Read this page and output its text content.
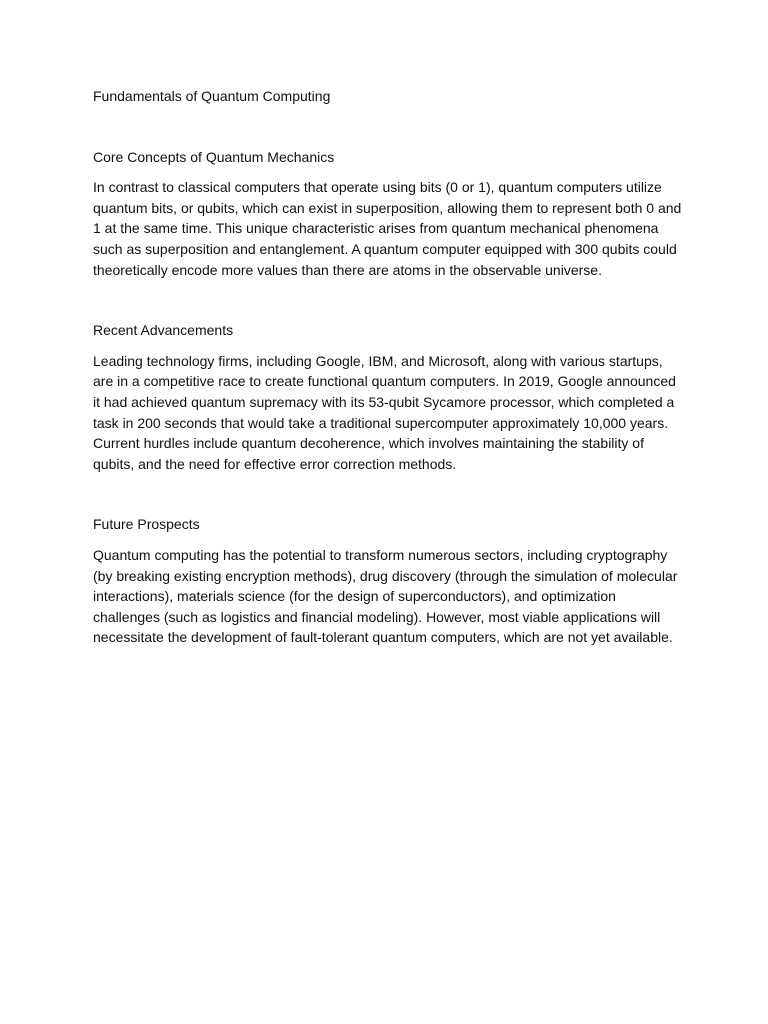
Fundamentals of Quantum Computing

Core Concepts of Quantum Mechanics

In contrast to classical computers that operate using bits (0 or 1), quantum computers utilize quantum bits, or qubits, which can exist in superposition, allowing them to represent both 0 and 1 at the same time. This unique characteristic arises from quantum mechanical phenomena such as superposition and entanglement. A quantum computer equipped with 300 qubits could theoretically encode more values than there are atoms in the observable universe.

Recent Advancements

Leading technology firms, including Google, IBM, and Microsoft, along with various startups, are in a competitive race to create functional quantum computers. In 2019, Google announced it had achieved quantum supremacy with its 53-qubit Sycamore processor, which completed a task in 200 seconds that would take a traditional supercomputer approximately 10,000 years. Current hurdles include quantum decoherence, which involves maintaining the stability of qubits, and the need for effective error correction methods.

Future Prospects

Quantum computing has the potential to transform numerous sectors, including cryptography (by breaking existing encryption methods), drug discovery (through the simulation of molecular interactions), materials science (for the design of superconductors), and optimization challenges (such as logistics and financial modeling). However, most viable applications will necessitate the development of fault-tolerant quantum computers, which are not yet available.
